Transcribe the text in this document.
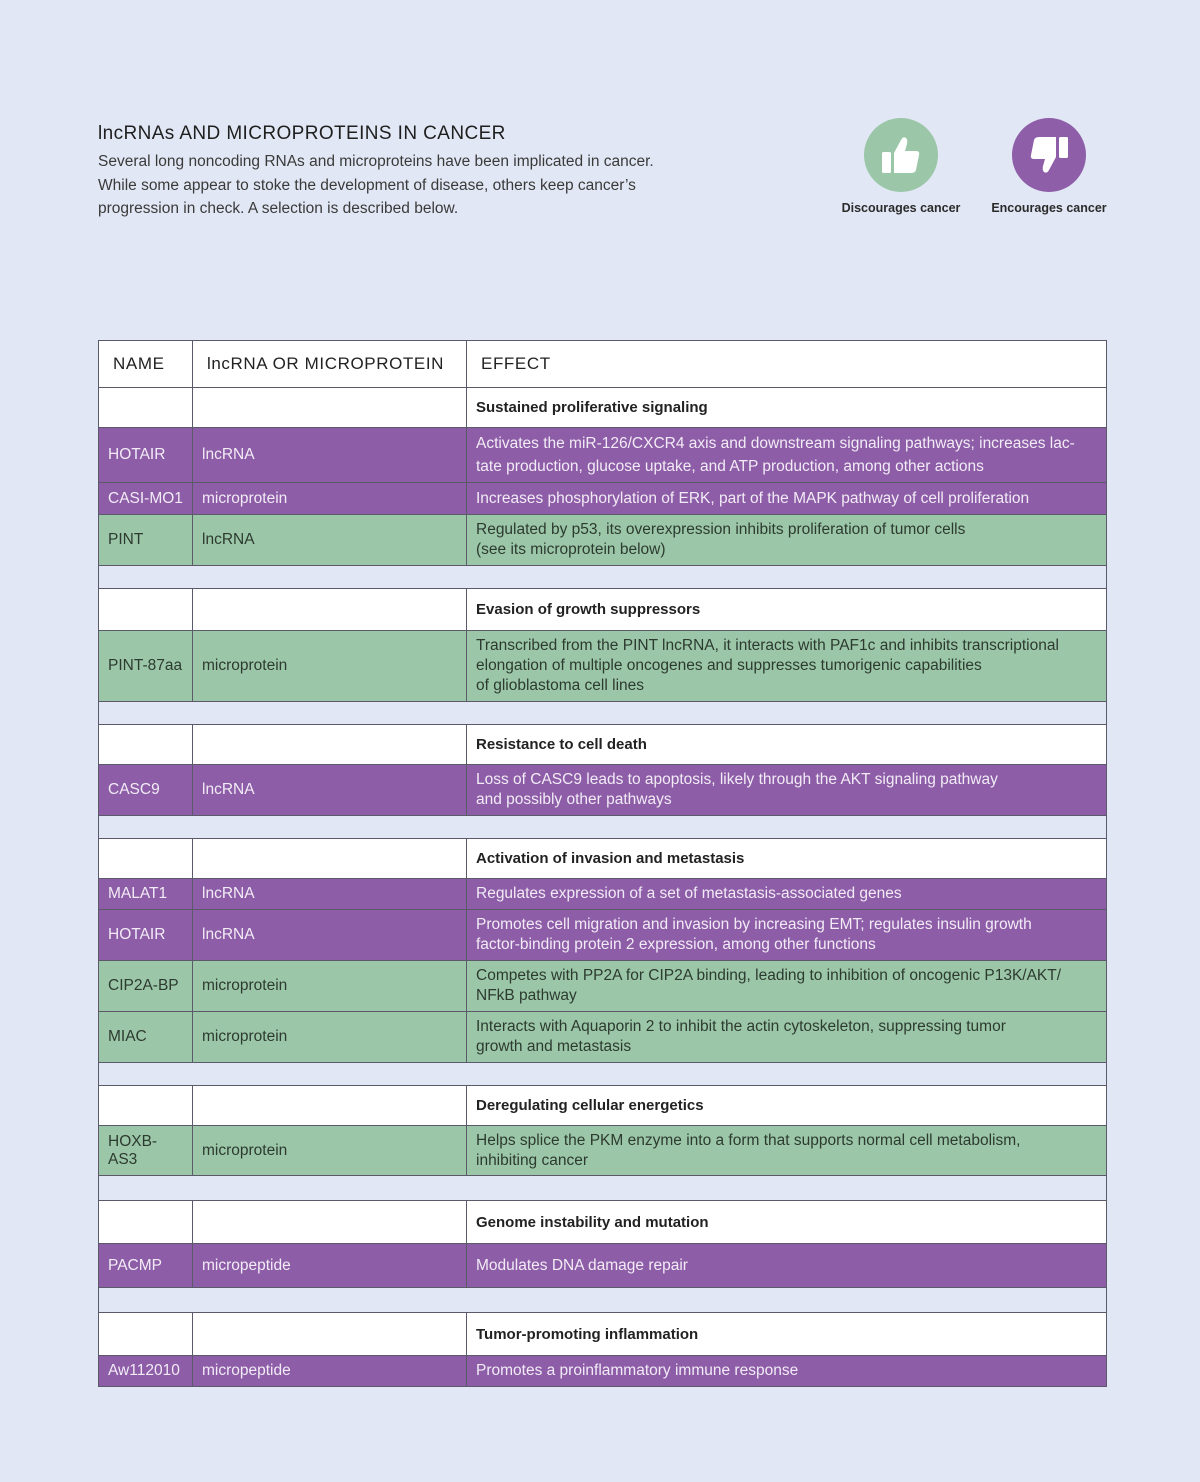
lncRNAs AND MICROPROTEINS IN CANCER
Several long noncoding RNAs and microproteins have been implicated in cancer.
While some appear to stoke the development of disease, others keep cancer’s
progression in check. A selection is described below.	Discourages cancer	Encourages cancer
NAME	lncRNA OR MICROPROTEIN	EFFECT
		Sustained proliferative signaling
HOTAIR	lncRNA	Activates the miR-126/CXCR4 axis and downstream signaling pathways; increases lac-
tate production, glucose uptake, and ATP production, among other actions

CASI-MO1	microprotein	Increases phosphorylation of ERK, part of the MAPK pathway of cell proliferation

PINT	lncRNA	Regulated by p53, its overexpression inhibits proliferation of tumor cells
(see its microprotein below)

		Evasion of growth suppressors
PINT-87aa	microprotein	Transcribed from the PINT lncRNA, it interacts with PAF1c and inhibits transcriptional
elongation of multiple oncogenes and suppresses tumorigenic capabilities
of glioblastoma cell lines

		Resistance to cell death
CASC9	lncRNA	Loss of CASC9 leads to apoptosis, likely through the AKT signaling pathway
and possibly other pathways

		Activation of invasion and metastasis
MALAT1	lncRNA	Regulates expression of a set of metastasis-associated genes

HOTAIR	lncRNA	Promotes cell migration and invasion by increasing EMT; regulates insulin growth
factor-binding protein 2 expression, among other functions

CIP2A-BP	microprotein	Competes with PP2A for CIP2A binding, leading to inhibition of oncogenic P13K/AKT/
NFkB pathway

MIAC	microprotein	Interacts with Aquaporin 2 to inhibit the actin cytoskeleton, suppressing tumor
growth and metastasis

		Deregulating cellular energetics
HOXB-AS3	microprotein	Helps splice the PKM enzyme into a form that supports normal cell metabolism,
inhibiting cancer

		Genome instability and mutation
PACMP	micropeptide	Modulates DNA damage repair

		Tumor-promoting inflammation
Aw112010	micropeptide	Promotes a proinflammatory immune response
